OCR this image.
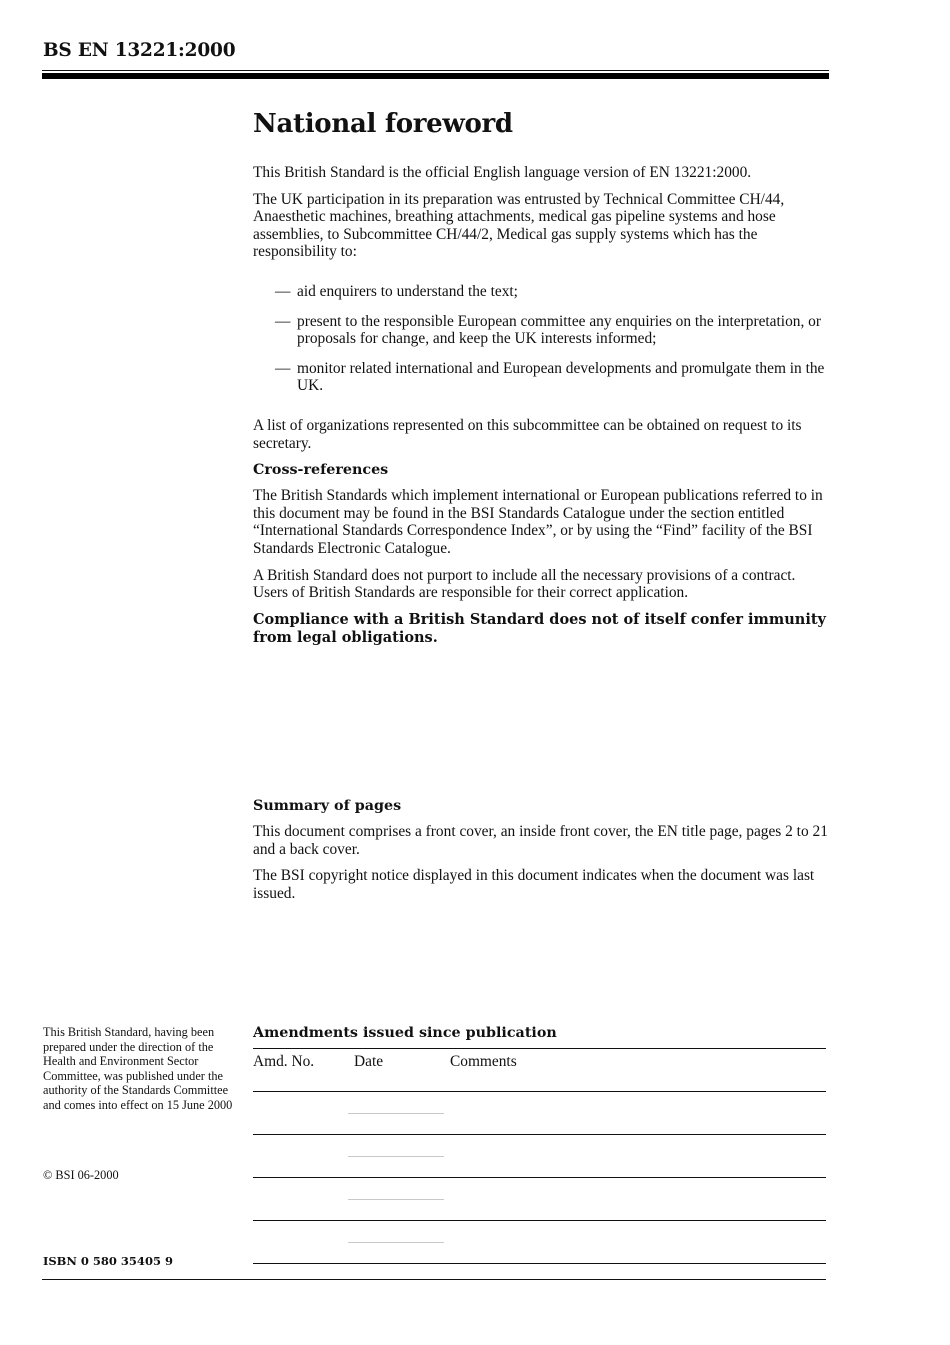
BS EN 13221:2000
National foreword

This British Standard is the official English language version of EN 13221:2000.

The UK participation in its preparation was entrusted by Technical Committee CH/44, Anaesthetic machines, breathing attachments, medical gas pipeline systems and hose assemblies, to Subcommittee CH/44/2, Medical gas supply systems which has the responsibility to:

— aid enquirers to understand the text;
— present to the responsible European committee any enquiries on the interpretation, or proposals for change, and keep the UK interests informed;
— monitor related international and European developments and promulgate them in the UK.

A list of organizations represented on this subcommittee can be obtained on request to its secretary.

Cross-references

The British Standards which implement international or European publications referred to in this document may be found in the BSI Standards Catalogue under the section entitled “International Standards Correspondence Index”, or by using the “Find” facility of the BSI Standards Electronic Catalogue.

A British Standard does not purport to include all the necessary provisions of a contract. Users of British Standards are responsible for their correct application.

Compliance with a British Standard does not of itself confer immunity from legal obligations.

Summary of pages

This document comprises a front cover, an inside front cover, the EN title page, pages 2 to 21 and a back cover.

The BSI copyright notice displayed in this document indicates when the document was last issued.

This British Standard, having been prepared under the direction of the Health and Environment Sector Committee, was published under the authority of the Standards Committee and comes into effect on 15 June 2000
© BSI 06-2000
ISBN 0 580 35405 9
Amendments issued since publication
Amd. No.	Date	Comments
